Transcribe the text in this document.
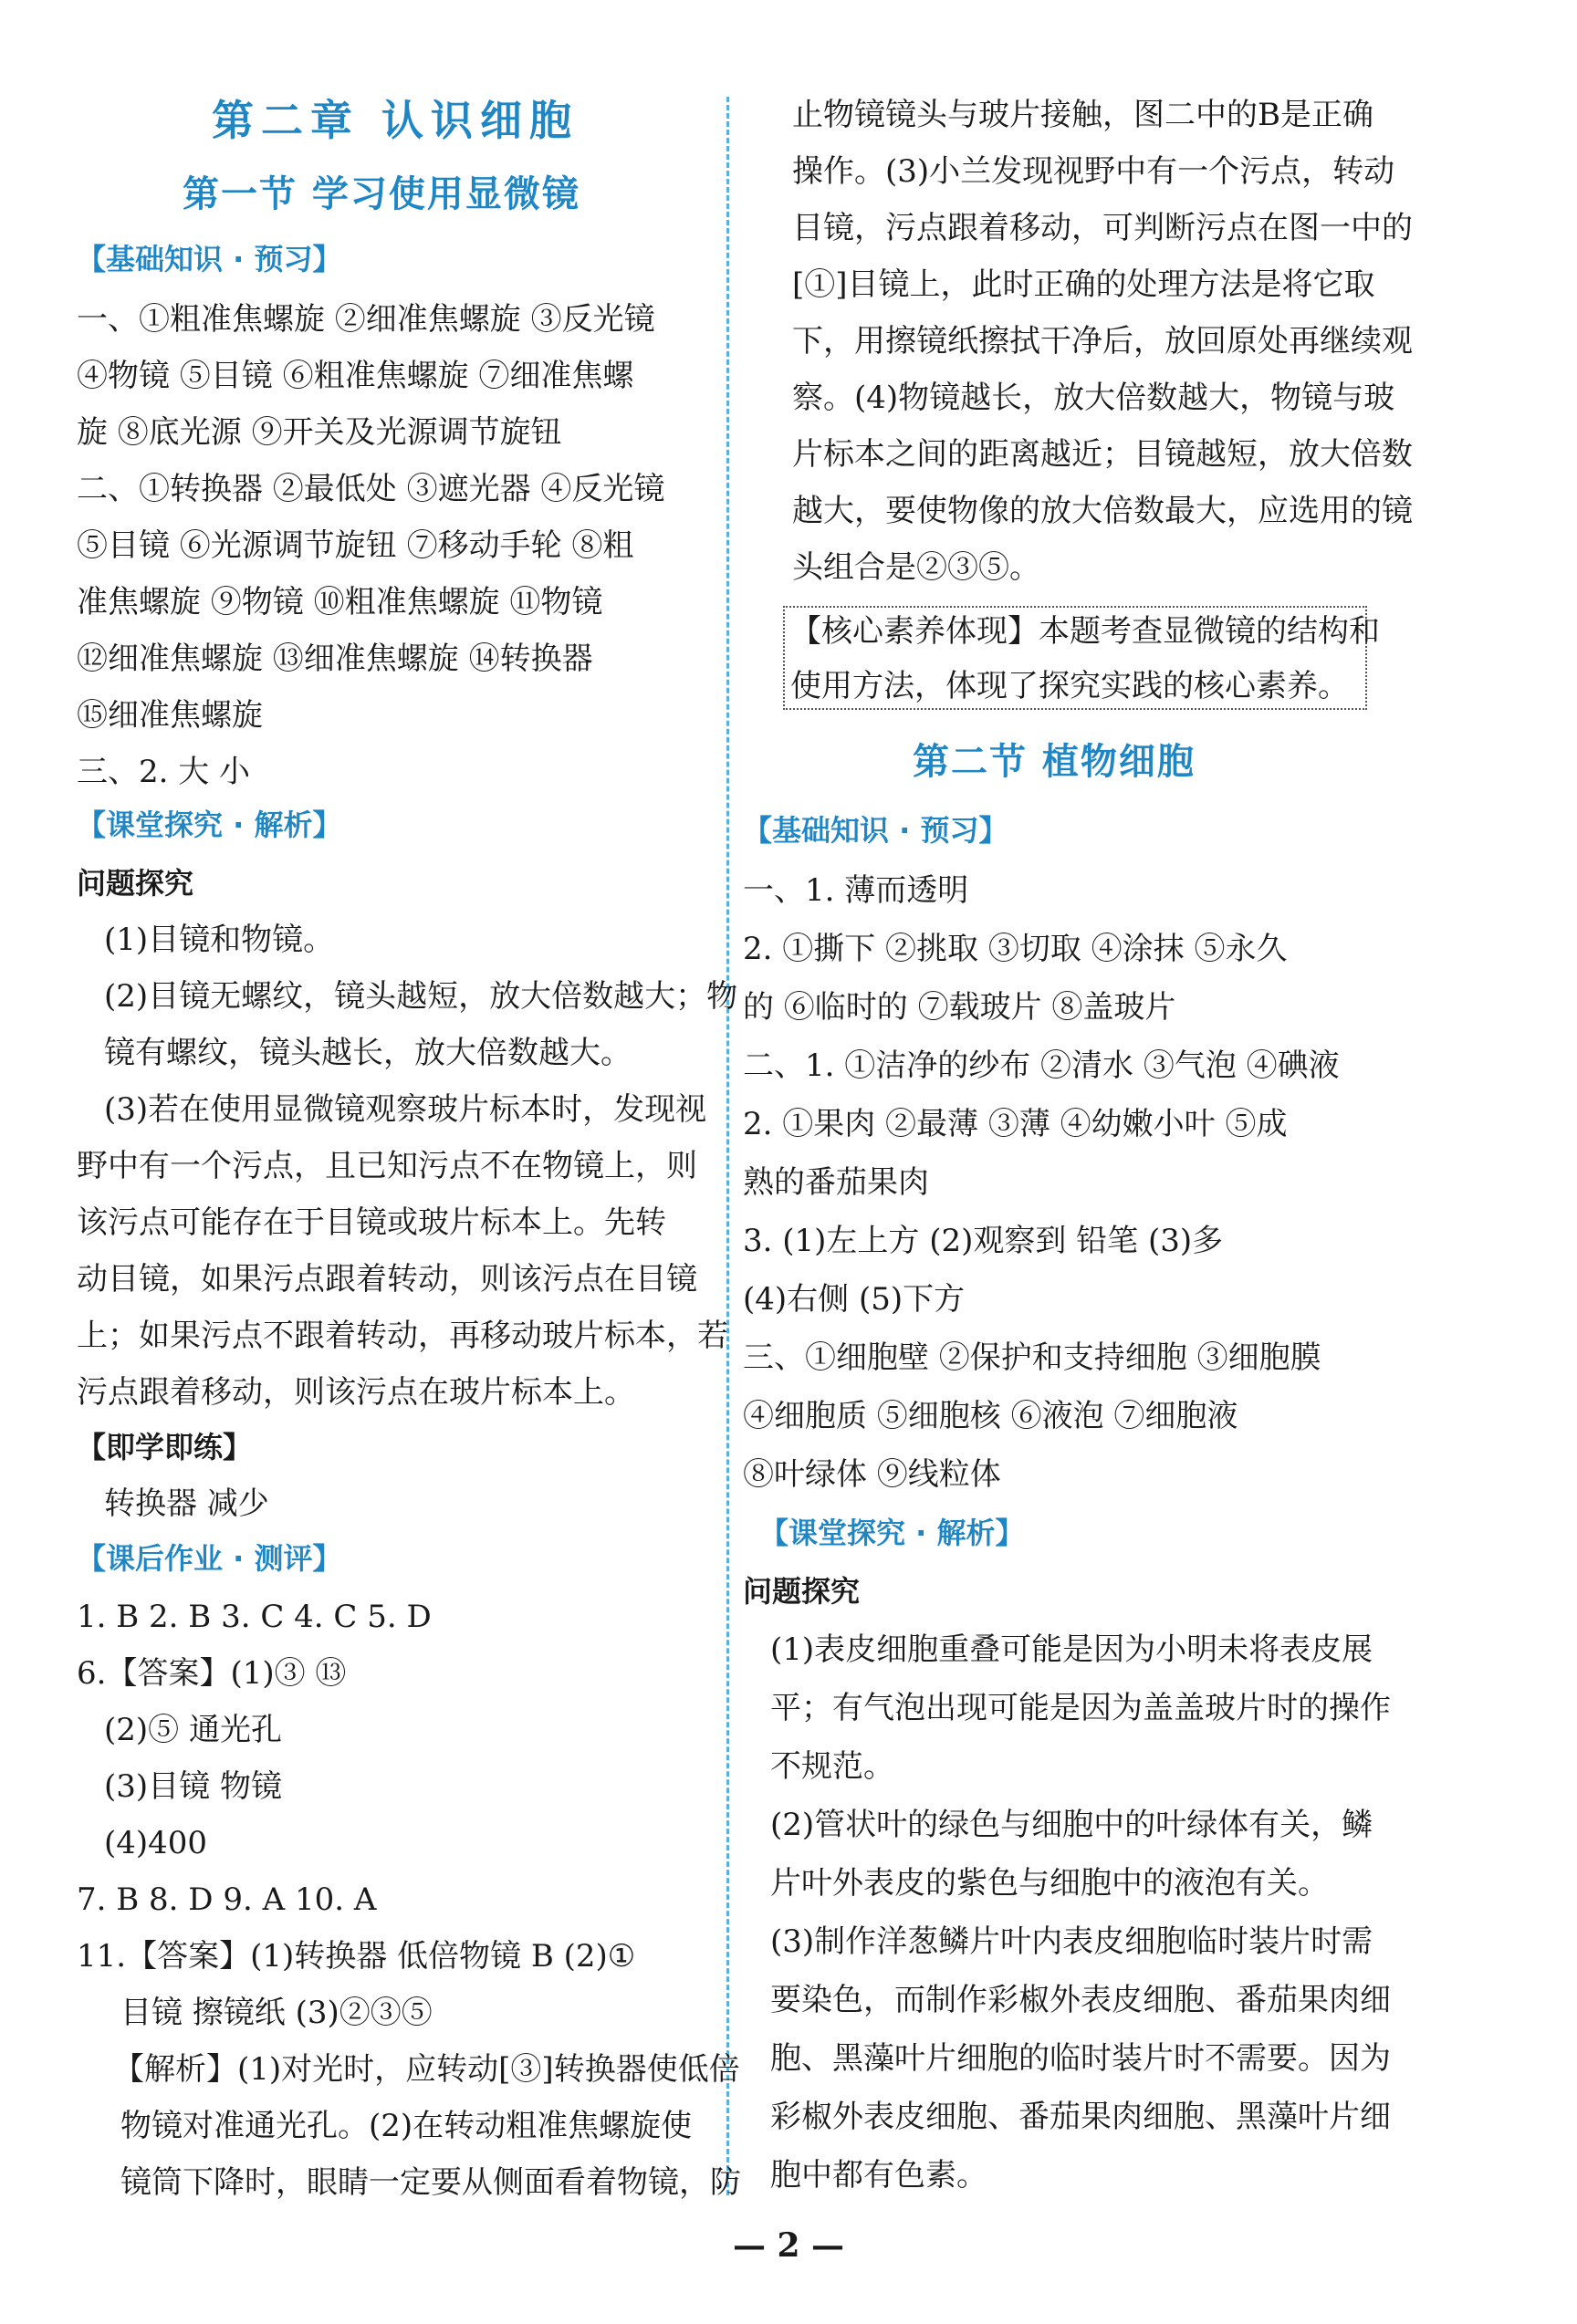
第二章 认识细胞
第一节 学习使用显微镜
【基础知识 · 预习】
一、①粗准焦螺旋 ②细准焦螺旋 ③反光镜
④物镜 ⑤目镜 ⑥粗准焦螺旋 ⑦细准焦螺
旋 ⑧底光源 ⑨开关及光源调节旋钮
二、①转换器 ②最低处 ③遮光器 ④反光镜
⑤目镜 ⑥光源调节旋钮 ⑦移动手轮 ⑧粗
准焦螺旋 ⑨物镜 ⑩粗准焦螺旋 ⑪物镜
⑫细准焦螺旋 ⑬细准焦螺旋 ⑭转换器
⑮细准焦螺旋
三、2. 大 小
【课堂探究 · 解析】
问题探究
(1)目镜和物镜。
(2)目镜无螺纹，镜头越短，放大倍数越大；物
镜有螺纹，镜头越长，放大倍数越大。
(3)若在使用显微镜观察玻片标本时，发现视
野中有一个污点，且已知污点不在物镜上，则
该污点可能存在于目镜或玻片标本上。先转
动目镜，如果污点跟着转动，则该污点在目镜
上；如果污点不跟着转动，再移动玻片标本，若
污点跟着移动，则该污点在玻片标本上。
【即学即练】
转换器 减少
【课后作业 · 测评】
1. B 2. B 3. C 4. C 5. D
6.【答案】(1)③ ⑬
(2)⑤ 通光孔
(3)目镜 物镜
(4)400
7. B 8. D 9. A 10. A
11.【答案】(1)转换器 低倍物镜 B (2)①
目镜 擦镜纸 (3)②③⑤
【解析】(1)对光时，应转动[③]转换器使低倍
物镜对准通光孔。(2)在转动粗准焦螺旋使
镜筒下降时，眼睛一定要从侧面看着物镜，防
止物镜镜头与玻片接触，图二中的B是正确
操作。(3)小兰发现视野中有一个污点，转动
目镜，污点跟着移动，可判断污点在图一中的
[①]目镜上，此时正确的处理方法是将它取
下，用擦镜纸擦拭干净后，放回原处再继续观
察。(4)物镜越长，放大倍数越大，物镜与玻
片标本之间的距离越近；目镜越短，放大倍数
越大，要使物像的放大倍数最大，应选用的镜
头组合是②③⑤。
【核心素养体现】本题考查显微镜的结构和
使用方法，体现了探究实践的核心素养。
第二节 植物细胞
【基础知识 · 预习】
一、1. 薄而透明
2. ①撕下 ②挑取 ③切取 ④涂抹 ⑤永久
的 ⑥临时的 ⑦载玻片 ⑧盖玻片
二、1. ①洁净的纱布 ②清水 ③气泡 ④碘液
2. ①果肉 ②最薄 ③薄 ④幼嫩小叶 ⑤成
熟的番茄果肉
3. (1)左上方 (2)观察到 铅笔 (3)多
(4)右侧 (5)下方
三、①细胞壁 ②保护和支持细胞 ③细胞膜
④细胞质 ⑤细胞核 ⑥液泡 ⑦细胞液
⑧叶绿体 ⑨线粒体
【课堂探究 · 解析】
问题探究
(1)表皮细胞重叠可能是因为小明未将表皮展
平；有气泡出现可能是因为盖盖玻片时的操作
不规范。
(2)管状叶的绿色与细胞中的叶绿体有关，鳞
片叶外表皮的紫色与细胞中的液泡有关。
(3)制作洋葱鳞片叶内表皮细胞临时装片时需
要染色，而制作彩椒外表皮细胞、番茄果肉细
胞、黑藻叶片细胞的临时装片时不需要。因为
彩椒外表皮细胞、番茄果肉细胞、黑藻叶片细
胞中都有色素。
— 2 —
